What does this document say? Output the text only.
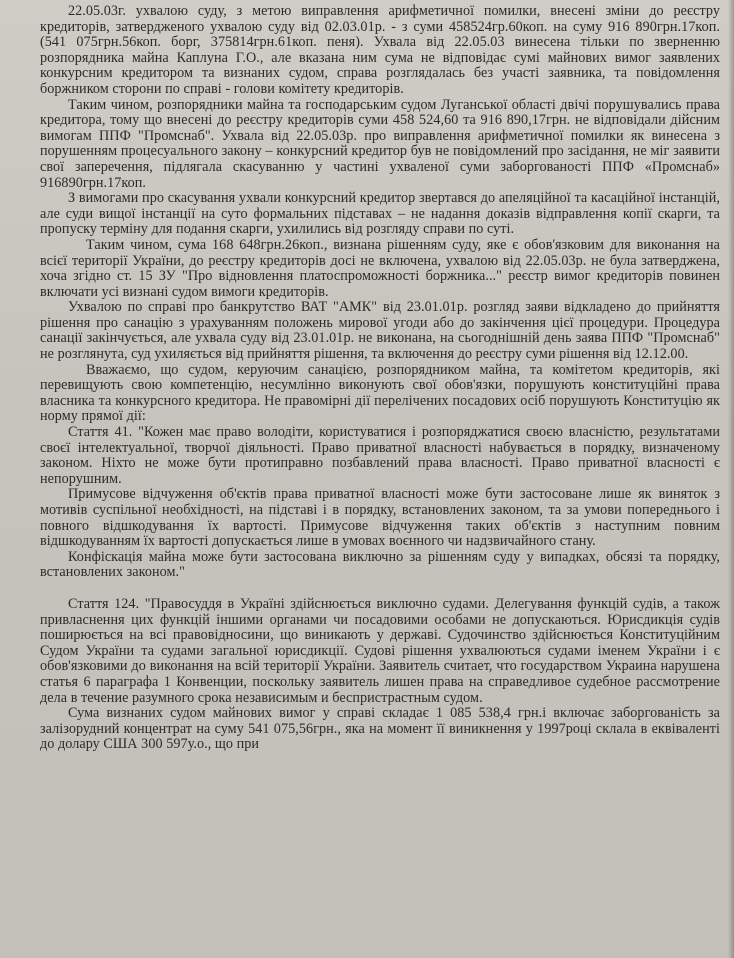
22.05.03г. ухвалою суду, з метою виправлення арифметичної помилки, внесені зміни до реєстру кредиторів, затвердженого ухвалою суду від 02.03.01р. - з суми 458524гр.60коп. на суму 916 890грн.17коп. (541 075грн.56коп. борг, 375814грн.61коп. пеня). Ухвала від 22.05.03 винесена тільки по зверненню розпорядника майна Каплуна Г.О., але вказана ним сума не відповідає сумі майнових вимог заявлених конкурсним кредитором та визнаних судом, справа розглядалась без участі заявника, та повідомлення боржником сторони по справі - голови комітету кредиторів.

Таким чином, розпорядники майна та господарським судом Луганської області двічі порушувались права кредитора, тому що внесені до реєстру кредиторів суми 458 524,60 та 916 890,17грн. не відповідали дійсним вимогам ППФ "Промснаб". Ухвала від 22.05.03р. про виправлення арифметичної помилки як винесена з порушенням процесуального закону – конкурсний кредитор був не повідомлений про засідання, не міг заявити свої заперечення, підлягала скасуванню у частині ухваленої суми заборгованості ППФ «Промснаб» 916890грн.17коп.

З вимогами про скасування ухвали конкурсний кредитор звертався до апеляційної та касаційної інстанцій, але суди вищої інстанції на суто формальних підставах – не надання доказів відправлення копії скарги, та пропуску терміну для подання скарги, ухилились від розгляду справи по суті.

Таким чином, сума 168 648грн.26коп., визнана рішенням суду, яке є обов'язковим для виконання на всієї території України, до реєстру кредиторів досі не включена, ухвалою від 22.05.03р. не була затверджена, хоча згідно ст. 15 ЗУ "Про відновлення платоспроможності боржника..." реєстр вимог кредиторів повинен включати усі визнані судом вимоги кредиторів.

Ухвалою по справі про банкрутство ВАТ "АМК" від 23.01.01р. розгляд заяви відкладено до прийняття рішення про санацію з урахуванням положень мирової угоди або до закінчення цієї процедури. Процедура санації закінчується, але ухвала суду від 23.01.01р. не виконана, на сьогоднішній день заява ППФ "Промснаб" не розглянута, суд ухиляється від прийняття рішення, та включення до реєстру суми рішення від 12.12.00.

Вважаємо, що судом, керуючим санацією, розпорядником майна, та комітетом кредиторів, які перевищують свою компетенцію, несумлінно виконують свої обов'язки, порушують конституційні права власника та конкурсного кредитора. Не правомірні дії перелічених посадових осіб порушують Конституцію як норму прямої дії:

Стаття 41. "Кожен має право володіти, користуватися і розпоряджатися своєю власністю, результатами своєї інтелектуальної, творчої діяльності. Право приватної власності набувається в порядку, визначеному законом. Ніхто не може бути протиправно позбавлений права власності. Право приватної власності є непорушним.

Примусове відчуження об'єктів права приватної власності може бути застосоване лише як виняток з мотивів суспільної необхідності, на підставі і в порядку, встановлених законом, та за умови попереднього і повного відшкодування їх вартості. Примусове відчуження таких об'єктів з наступним повним відшкодуванням їх вартості допускається лише в умовах воєнного чи надзвичайного стану.

Конфіскація майна може бути застосована виключно за рішенням суду у випадках, обсязі та порядку, встановлених законом."

Стаття 124. "Правосуддя в Україні здійснюється виключно судами. Делегування функцій судів, а також привласнення цих функцій іншими органами чи посадовими особами не допускаються. Юрисдикція судів поширюється на всі правовідносини, що виникають у державі. Судочинство здійснюється Конституційним Судом України та судами загальної юрисдикції. Судові рішення ухвалюються судами іменем України і є обов'язковими до виконання на всій території України. Заявитель считает, что государством Украина нарушена статья 6 параграфа 1 Конвенции, поскольку заявитель лишен права на справедливое судебное рассмотрение дела в течение разумного срока независимым и беспристрастным судом.

Сума визнаних судом майнових вимог у справі складає 1 085 538,4 грн.і включає заборгованість за залізорудний концентрат на суму 541 075,56грн., яка на момент її виникнення у 1997році склала в еквіваленті до долару США 300 597у.о., що при
